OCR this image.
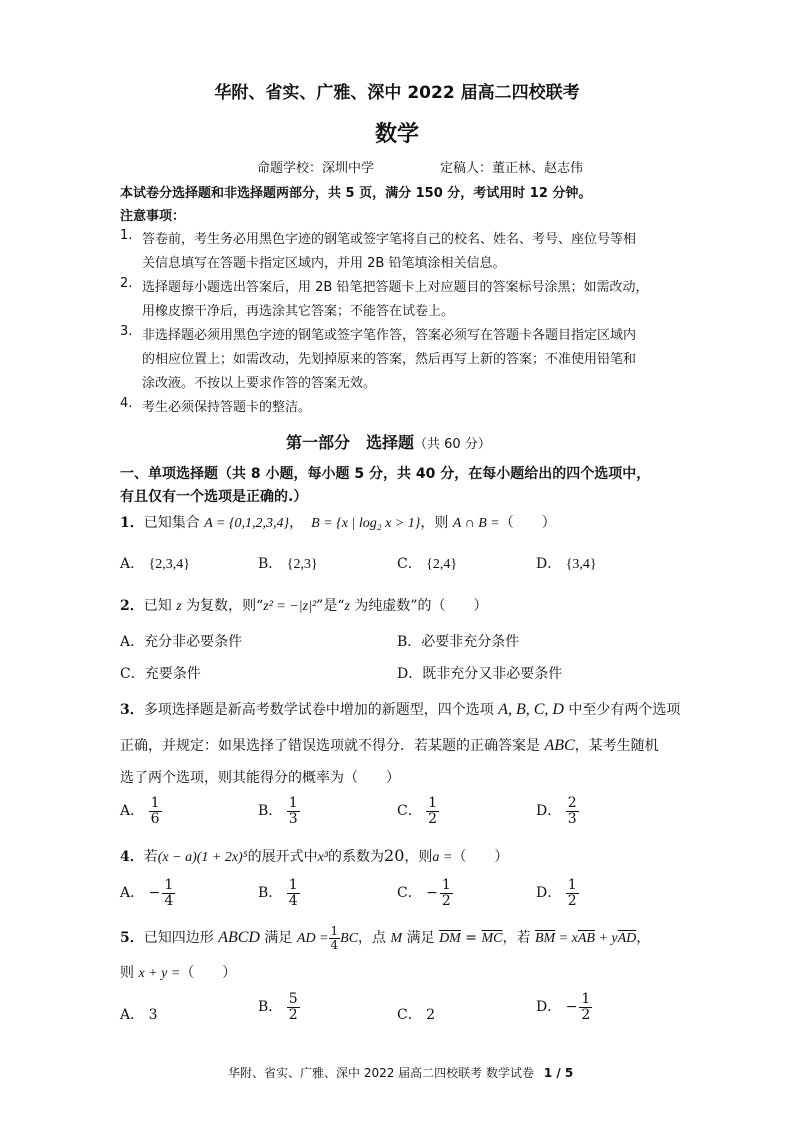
华附、省实、广雅、深中 2022 届高二四校联考
数学
命题学校：深圳中学	定稿人：董正林、赵志伟
本试卷分选择题和非选择题两部分，共 5 页，满分 150 分，考试用时 12 分钟。
注意事项：
1. 答卷前，考生务必用黑色字迹的钢笔或签字笔将自己的校名、姓名、考号、座位号等相
关信息填写在答题卡指定区域内，并用 2B 铅笔填涂相关信息。
2. 选择题每小题选出答案后，用 2B 铅笔把答题卡上对应题目的答案标号涂黑；如需改动，
用橡皮擦干净后，再选涂其它答案；不能答在试卷上。
3. 非选择题必须用黑色字迹的钢笔或签字笔作答，答案必须写在答题卡各题目指定区域内
的相应位置上；如需改动，先划掉原来的答案，然后再写上新的答案；不准使用铅笔和
涂改液。不按以上要求作答的答案无效。
4. 考生必须保持答题卡的整洁。
第一部分　选择题（共 60 分）
一、单项选择题（共 8 小题，每小题 5 分，共 40 分，在每小题给出的四个选项中，
有且仅有一个选项是正确的.）
1．已知集合 A = {0,1,2,3,4}， B = {x | log₂ x > 1}，则 A ∩ B =（　　）
A． {2,3,4}	B． {2,3}	C． {2,4}	D． {3,4}
2．已知 z 为复数，则“z² = −|z|²”是“z 为纯虚数”的（　　）
A．充分非必要条件	B．必要非充分条件
C．充要条件	D．既非充分又非必要条件
3．多项选择题是新高考数学试卷中增加的新题型，四个选项 A, B, C, D 中至少有两个选项
正确，并规定：如果选择了错误选项就不得分．若某题的正确答案是 ABC，某考生随机
选了两个选项，则其能得分的概率为（　　）
A． $\frac{1}{6}$	B． $\frac{1}{3}$	C． $\frac{1}{2}$	D． $\frac{2}{3}$
4．若(x − a)(1 + 2x)⁵的展开式中x³的系数为20，则a =（　　）
A． − $\frac{1}{4}$	B． $\frac{1}{4}$	C． − $\frac{1}{2}$	D． $\frac{1}{2}$
5．已知四边形 ABCD 满足 AD = $\frac{1}{4}$ BC，点 M 满足 $\overline{DM} = \overline{MC}$，若 $\overline{BM} = x\overline{AB} + y\overline{AD}$，
则 x + y =（　　）
A． 3	B． $\frac{5}{2}$	C． 2	D． − $\frac{1}{2}$
华附、省实、广雅、深中 2022 届高二四校联考 数学试卷 1 / 5
